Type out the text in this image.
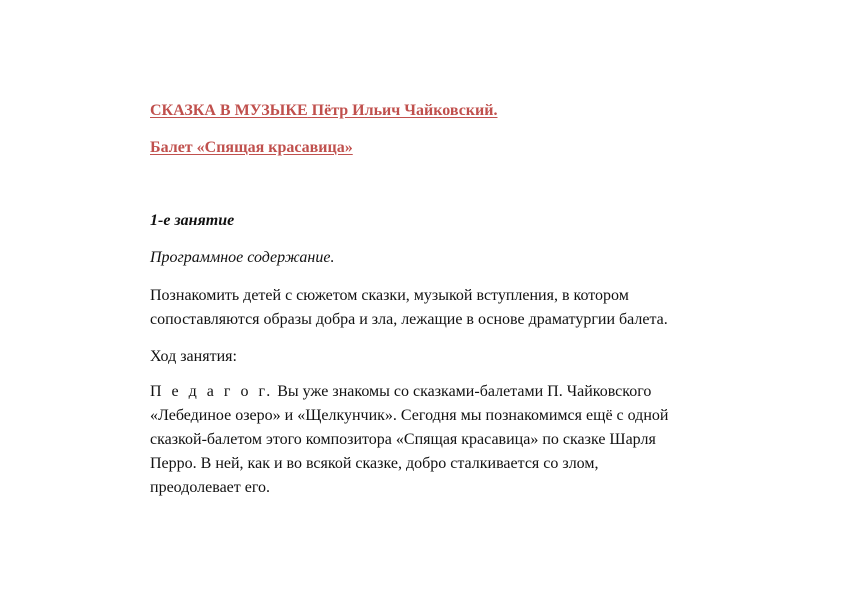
СКАЗКА В МУЗЫКЕ Пётр Ильич Чайковский.
Балет «Спящая красавица»
1-е занятие
Программное содержание.
Познакомить детей с сюжетом сказки, музыкой вступления, в котором
сопоставляются образы добра и зла, лежащие в основе драматургии балета.
Ход занятия:
П е д а г о г. Вы уже знакомы со сказками-балетами П. Чайковского
«Лебединое озеро» и «Щелкунчик». Сегодня мы познакомимся ещё с одной
сказкой-балетом этого композитора «Спящая красавица» по сказке Шарля
Перро. В ней, как и во всякой сказке, добро сталкивается со злом,
преодолевает его.
